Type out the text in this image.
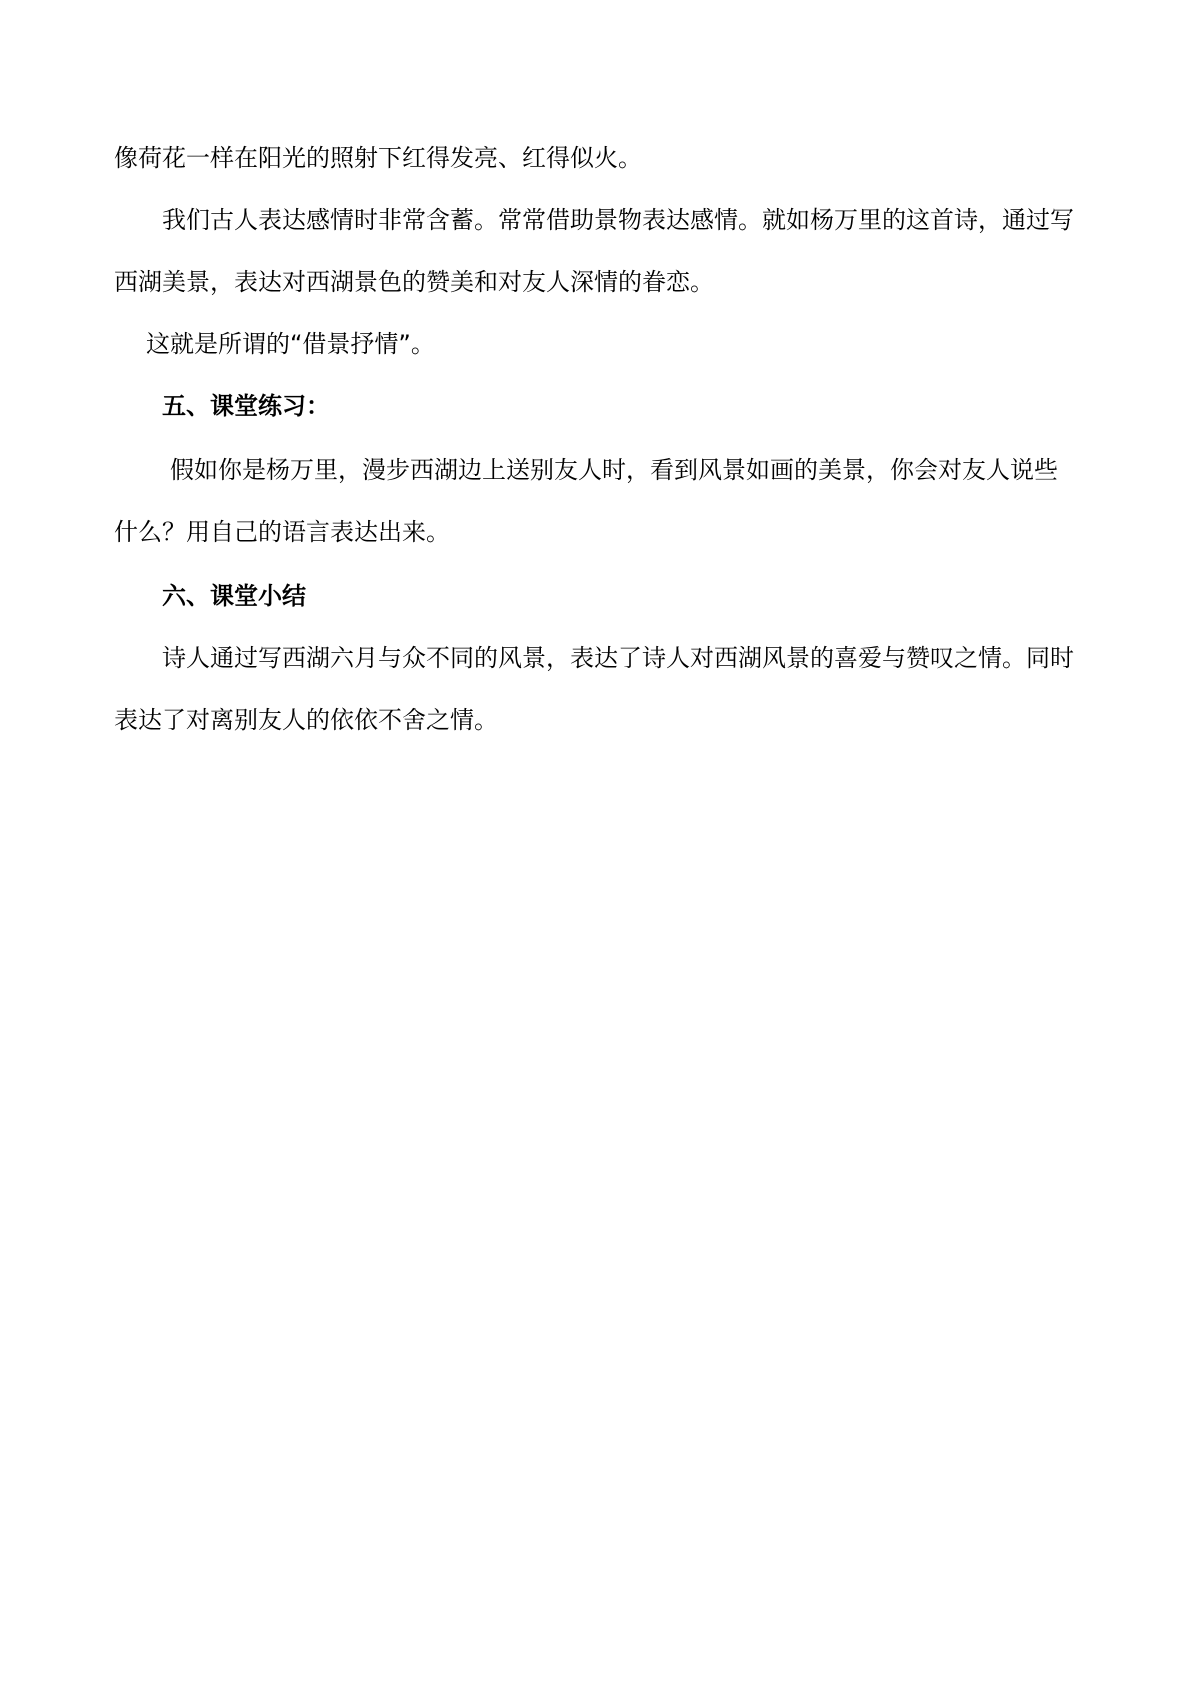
像荷花一样在阳光的照射下红得发亮、红得似火。
我们古人表达感情时非常含蓄。常常借助景物表达感情。就如杨万里的这首诗，通过写
西湖美景，表达对西湖景色的赞美和对友人深情的眷恋。
这就是所谓的“借景抒情”。
五、课堂练习：
假如你是杨万里，漫步西湖边上送别友人时，看到风景如画的美景，你会对友人说些
什么？用自己的语言表达出来。
六、课堂小结
诗人通过写西湖六月与众不同的风景，表达了诗人对西湖风景的喜爱与赞叹之情。同时
表达了对离别友人的依依不舍之情。
